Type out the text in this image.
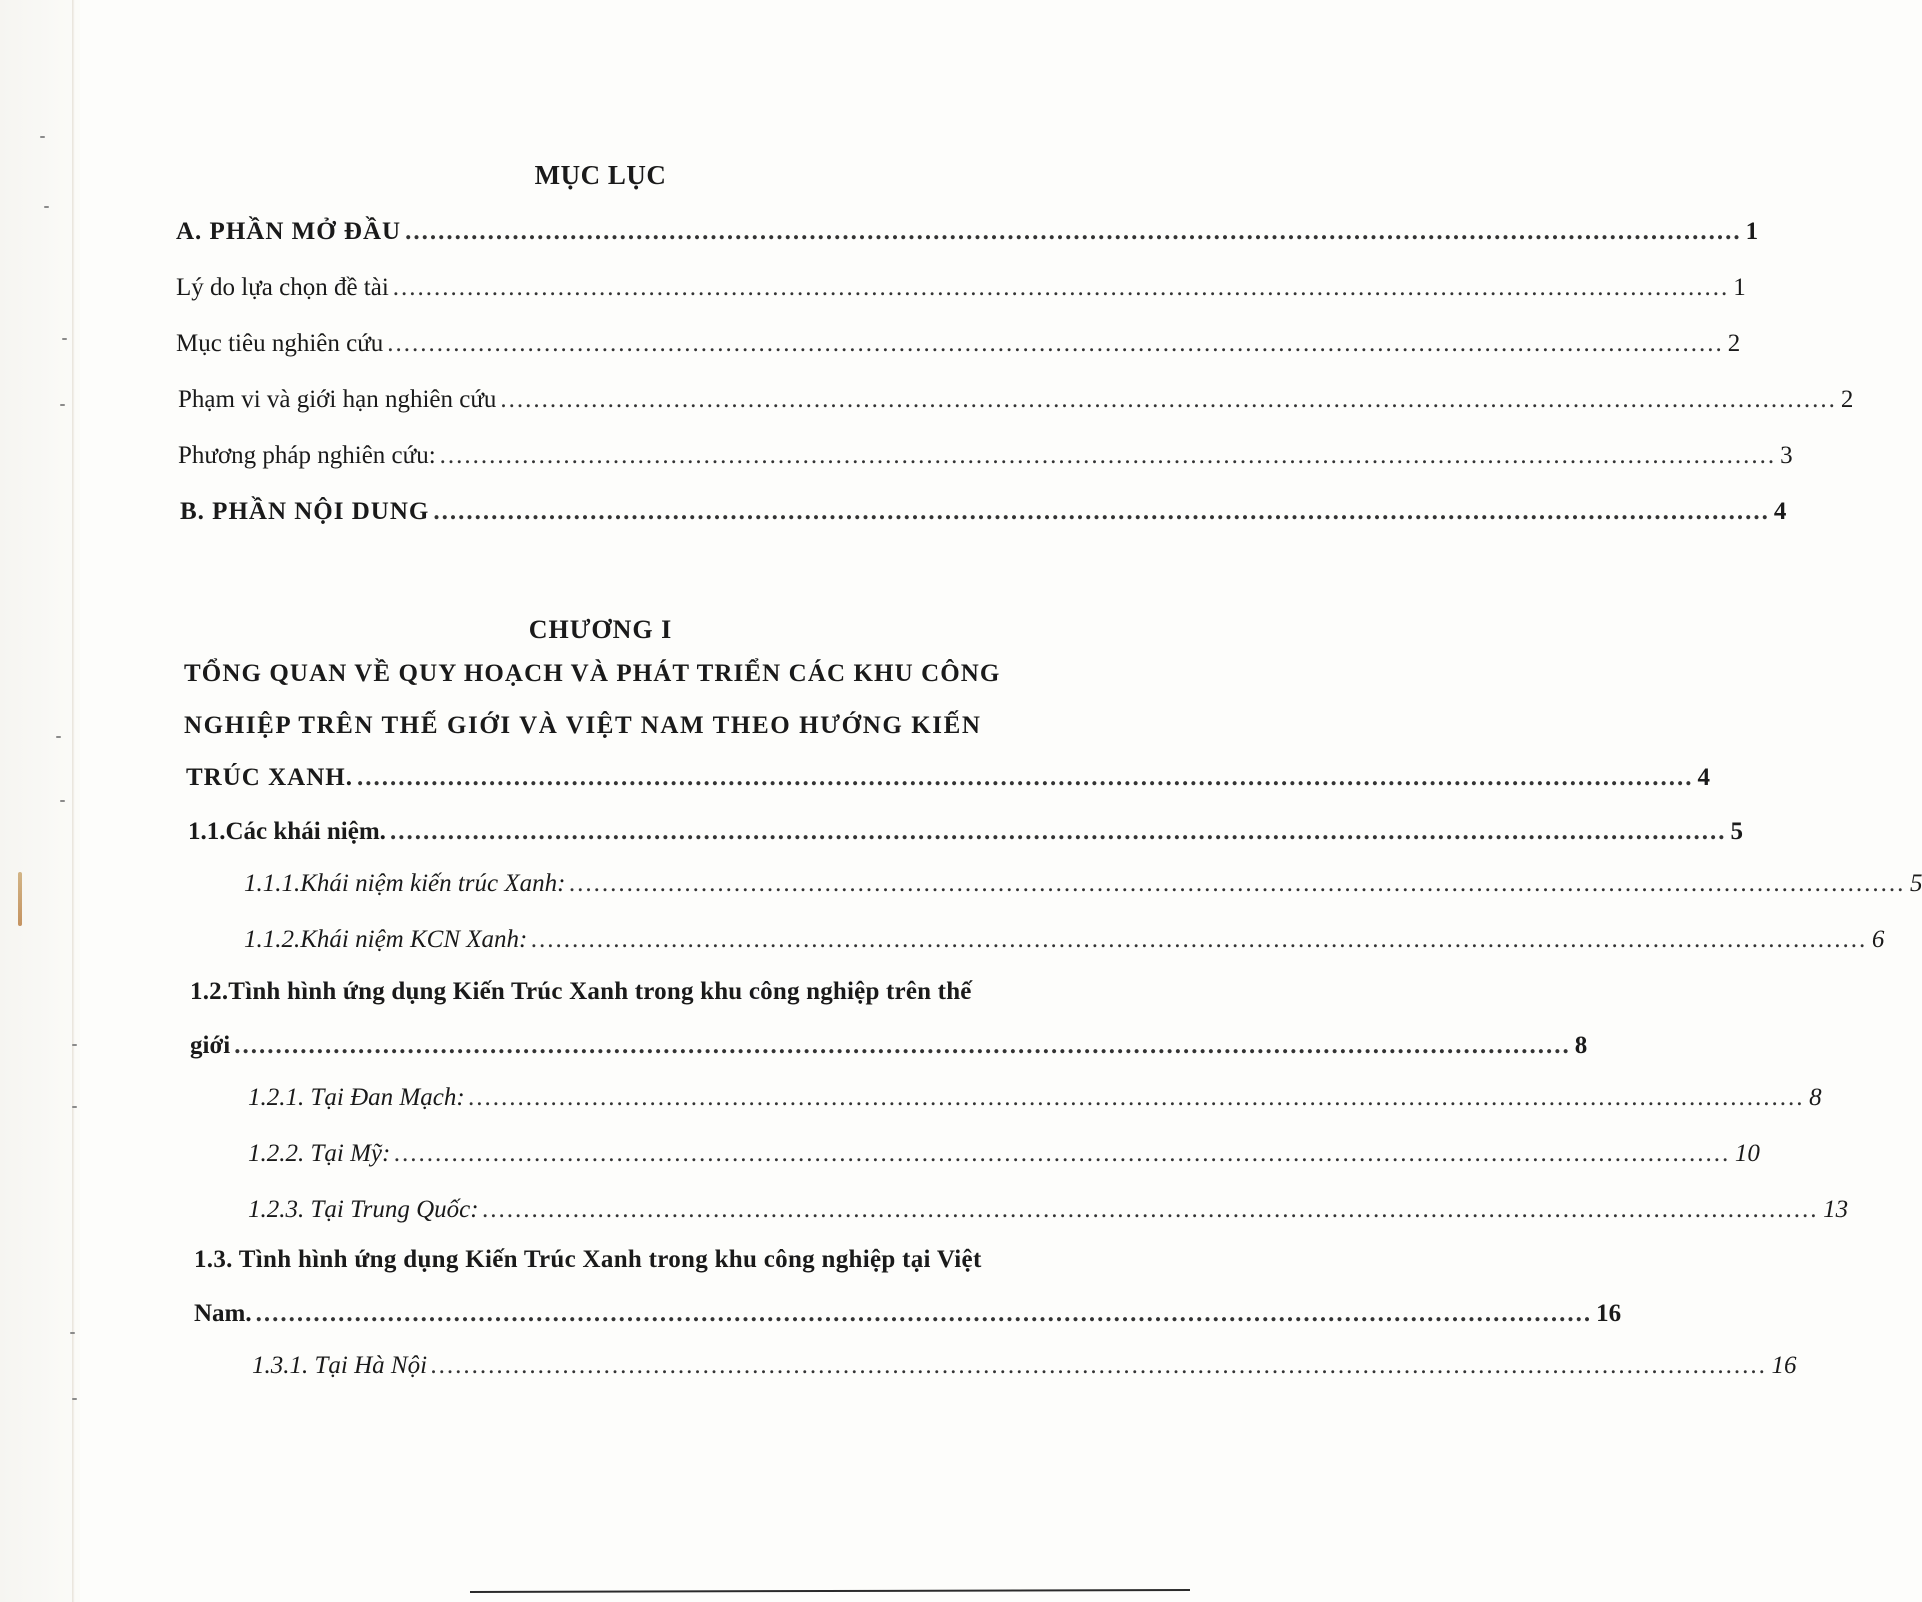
MỤC LỤC
A. PHẦN MỞ ĐẦU .................................................................................................................................................................. 1
Lý do lựa chọn đề tài .................................................................................................................................................................. 1
Mục tiêu nghiên cứu .................................................................................................................................................................. 2
Phạm vi và giới hạn nghiên cứu .................................................................................................................................................................. 2
Phương pháp nghiên cứu: .................................................................................................................................................................. 3
B. PHẦN NỘI DUNG .................................................................................................................................................................. 4
CHƯƠNG I
TỔNG QUAN VỀ QUY HOẠCH VÀ PHÁT TRIỂN CÁC KHU CÔNG
NGHIỆP TRÊN THẾ GIỚI VÀ VIỆT NAM THEO HƯỚNG KIẾN
TRÚC XANH. .................................................................................................................................................................. 4
1.1.Các khái niệm. .................................................................................................................................................................. 5
1.1.1.Khái niệm kiến trúc Xanh: .................................................................................................................................................................. 5
1.1.2.Khái niệm KCN Xanh: .................................................................................................................................................................. 6
1.2.Tình hình ứng dụng Kiến Trúc Xanh trong khu công nghiệp trên thế
giới .................................................................................................................................................................. 8
1.2.1. Tại Đan Mạch: .................................................................................................................................................................. 8
1.2.2. Tại Mỹ: .................................................................................................................................................................. 10
1.2.3. Tại Trung Quốc: .................................................................................................................................................................. 13
1.3. Tình hình ứng dụng Kiến Trúc Xanh trong khu công nghiệp tại Việt
Nam. .................................................................................................................................................................. 16
1.3.1. Tại Hà Nội .................................................................................................................................................................. 16
